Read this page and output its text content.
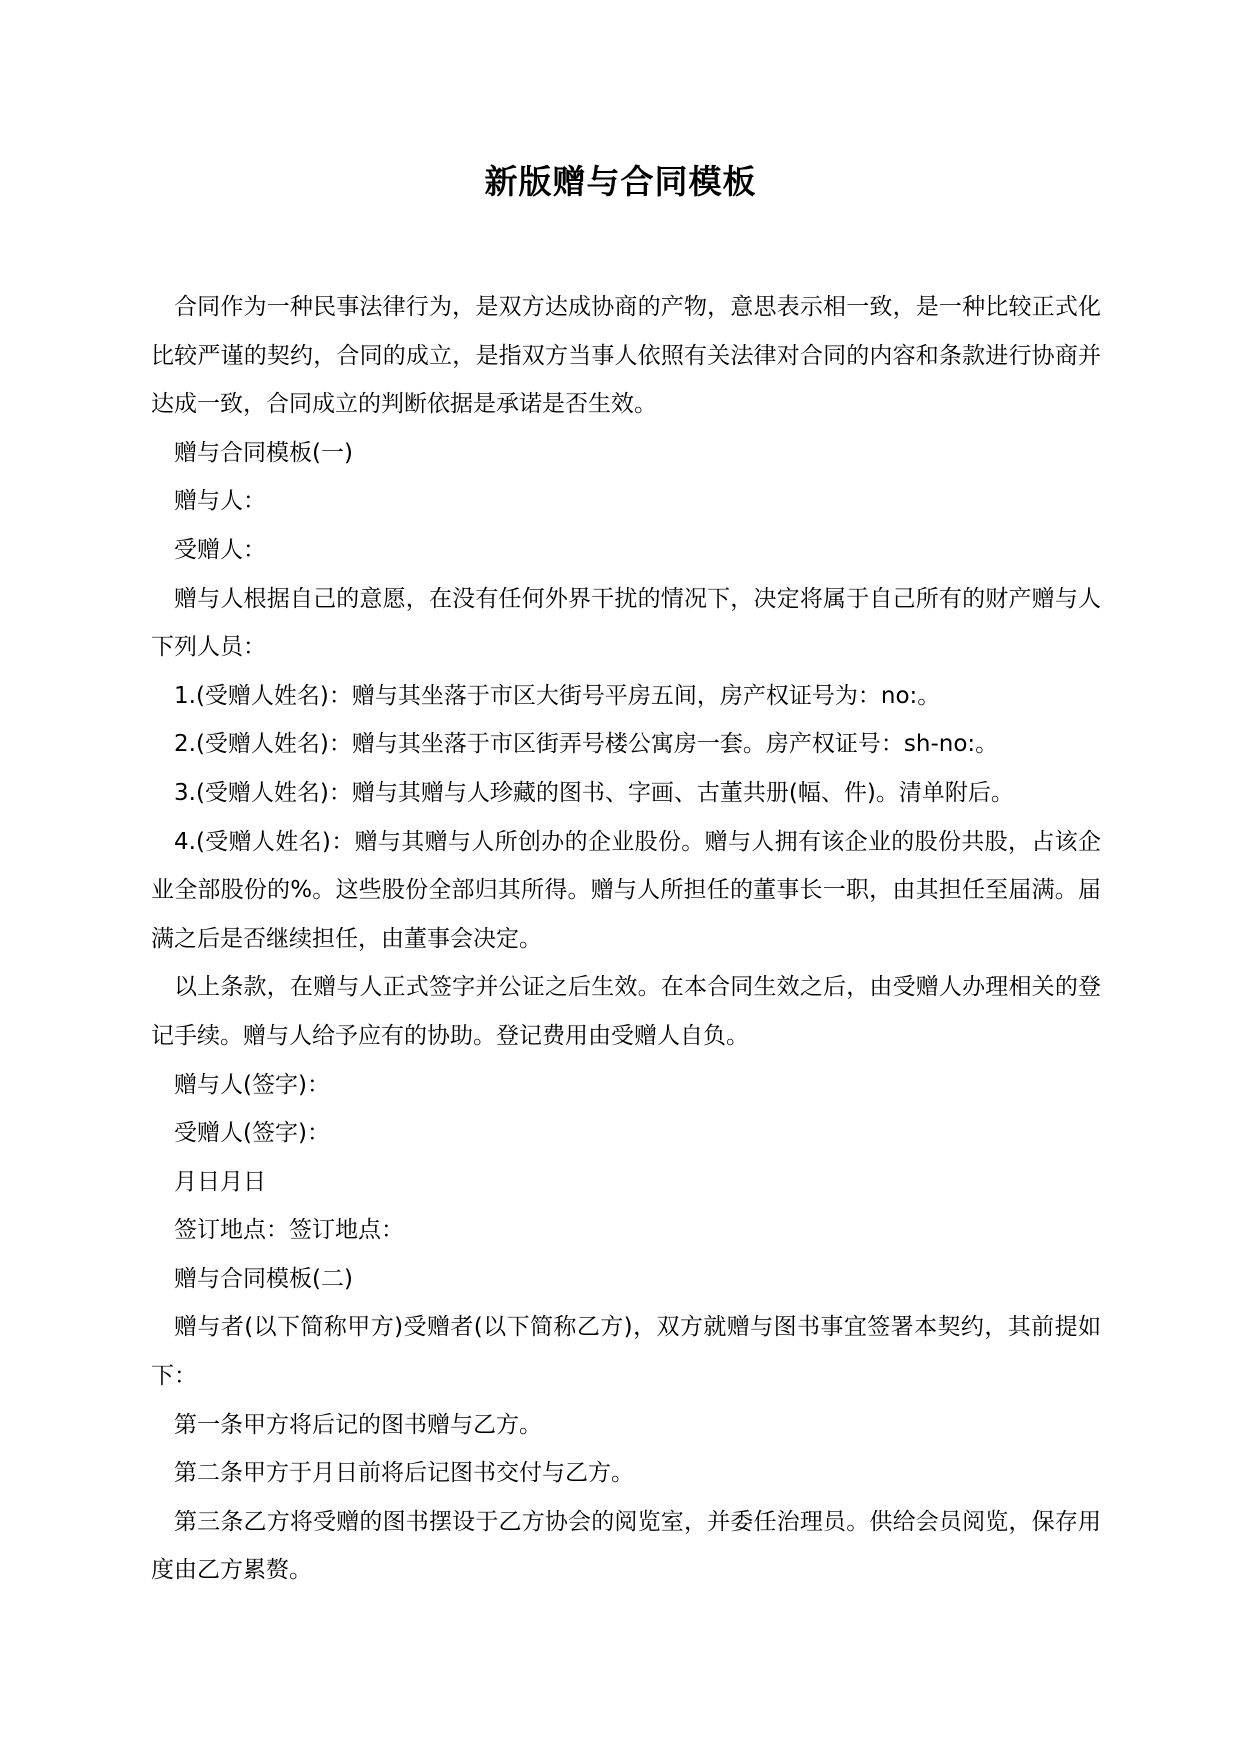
新版赠与合同模板

合同作为一种民事法律行为，是双方达成协商的产物，意思表示相一致，是一种比较正式化比较严谨的契约，合同的成立，是指双方当事人依照有关法律对合同的内容和条款进行协商并达成一致，合同成立的判断依据是承诺是否生效。

赠与合同模板(一)

赠与人：

受赠人：

赠与人根据自己的意愿，在没有任何外界干扰的情况下，决定将属于自己所有的财产赠与人下列人员：

1.(受赠人姓名)：赠与其坐落于市区大街号平房五间，房产权证号为：no:。

2.(受赠人姓名)：赠与其坐落于市区街弄号楼公寓房一套。房产权证号：sh-no:。

3.(受赠人姓名)：赠与其赠与人珍藏的图书、字画、古董共册(幅、件)。清单附后。

4.(受赠人姓名)：赠与其赠与人所创办的企业股份。赠与人拥有该企业的股份共股，占该企业全部股份的%。这些股份全部归其所得。赠与人所担任的董事长一职，由其担任至届满。届满之后是否继续担任，由董事会决定。

以上条款，在赠与人正式签字并公证之后生效。在本合同生效之后，由受赠人办理相关的登记手续。赠与人给予应有的协助。登记费用由受赠人自负。

赠与人(签字)：

受赠人(签字)：

月日月日

签订地点：签订地点：

赠与合同模板(二)

赠与者(以下简称甲方)受赠者(以下简称乙方)，双方就赠与图书事宜签署本契约，其前提如下：

第一条甲方将后记的图书赠与乙方。

第二条甲方于月日前将后记图书交付与乙方。

第三条乙方将受赠的图书摆设于乙方协会的阅览室，并委任治理员。供给会员阅览，保存用度由乙方累赘。
